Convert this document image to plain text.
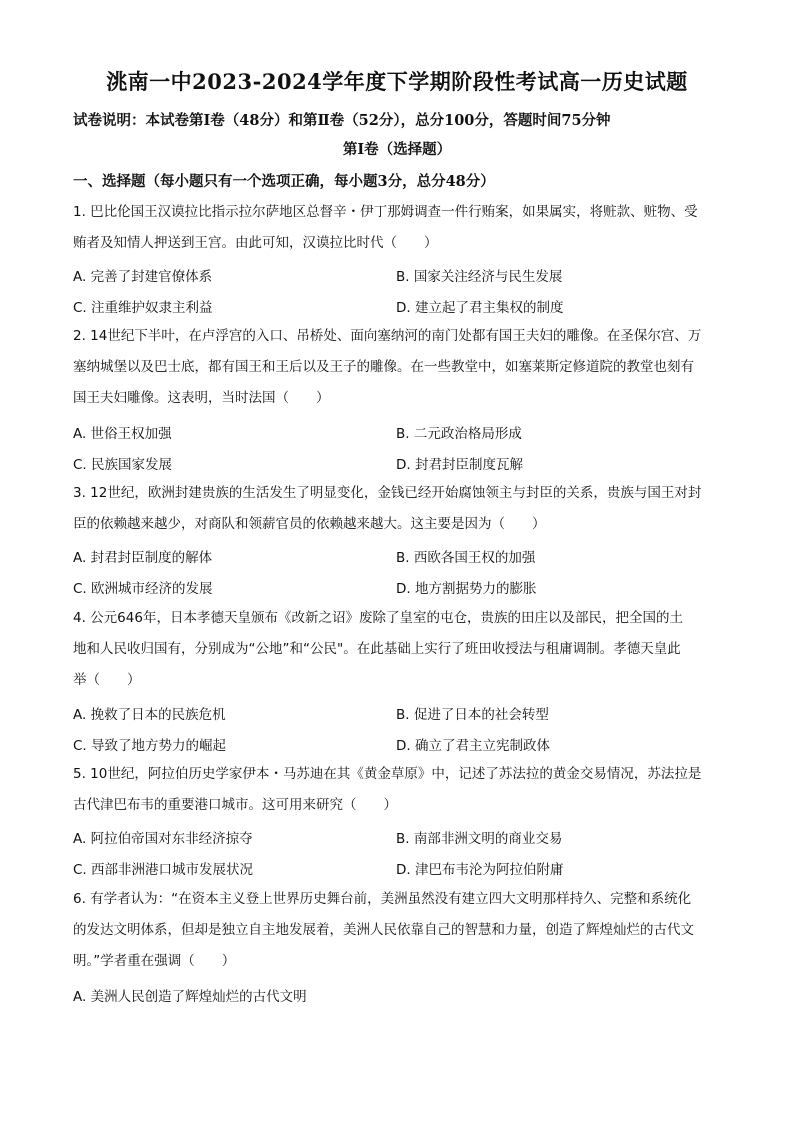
洮南一中2023-2024学年度下学期阶段性考试高一历史试题
试卷说明：本试卷第Ⅰ卷（48分）和第Ⅱ卷（52分），总分100分，答题时间75分钟
第Ⅰ卷（选择题）
一、选择题（每小题只有一个选项正确，每小题3分，总分48分）

1. 巴比伦国王汉谟拉比指示拉尔萨地区总督辛・伊丁那姆调查一件行贿案，如果属实，将赃款、赃物、受

贿者及知情人押送到王宫。由此可知，汉谟拉比时代（　　）

A. 完善了封建官僚体系	B. 国家关注经济与民生发展
C. 注重维护奴隶主利益	D. 建立起了君主集权的制度

2. 14世纪下半叶，在卢浮宫的入口、吊桥处、面向塞纳河的南门处都有国王夫妇的雕像。在圣保尔宫、万

塞纳城堡以及巴士底，都有国王和王后以及王子的雕像。在一些教堂中，如塞莱斯定修道院的教堂也刻有

国王夫妇雕像。这表明，当时法国（　　）

A. 世俗王权加强	B. 二元政治格局形成
C. 民族国家发展	D. 封君封臣制度瓦解

3. 12世纪，欧洲封建贵族的生活发生了明显变化，金钱已经开始腐蚀领主与封臣的关系，贵族与国王对封

臣的依赖越来越少，对商队和领薪官员的依赖越来越大。这主要是因为（　　）

A. 封君封臣制度的解体	B. 西欧各国王权的加强
C. 欧洲城市经济的发展	D. 地方割据势力的膨胀

4. 公元646年，日本孝德天皇颁布《改新之诏》废除了皇室的屯仓，贵族的田庄以及部民，把全国的土

地和人民收归国有，分别成为“公地”和“公民"。在此基础上实行了班田收授法与租庸调制。孝德天皇此

举（　　）

A. 挽救了日本的民族危机	B. 促进了日本的社会转型
C. 导致了地方势力的崛起	D. 确立了君主立宪制政体

5. 10世纪，阿拉伯历史学家伊本・马苏迪在其《黄金草原》中，记述了苏法拉的黄金交易情况，苏法拉是

古代津巴布韦的重要港口城市。这可用来研究（　　）

A. 阿拉伯帝国对东非经济掠夺	B. 南部非洲文明的商业交易
C. 西部非洲港口城市发展状况	D. 津巴布韦沦为阿拉伯附庸

6. 有学者认为：“在资本主义登上世界历史舞台前，美洲虽然没有建立四大文明那样持久、完整和系统化

的发达文明体系，但却是独立自主地发展着，美洲人民依靠自己的智慧和力量，创造了辉煌灿烂的古代文

明。”学者重在强调（　　）

A. 美洲人民创造了辉煌灿烂的古代文明
